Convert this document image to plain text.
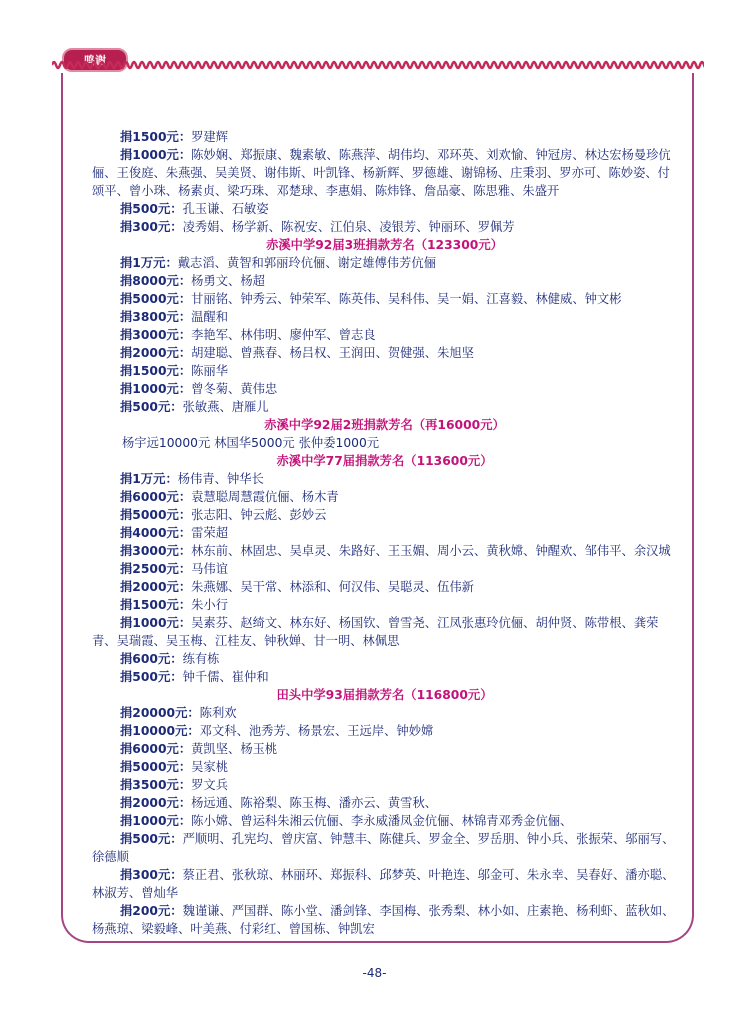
鸣谢

捐1500元：罗建辉

捐1000元：陈妙娴、郑振康、魏素敏、陈燕萍、胡伟均、邓环英、刘欢愉、钟冠房、林达宏杨曼珍伉俪、王俊庭、朱燕强、吴美贤、谢伟斯、叶凯锋、杨新辉、罗德雄、谢锦杨、庄秉羽、罗亦可、陈妙姿、付颂平、曾小珠、杨素贞、梁巧珠、邓楚球、李惠娟、陈炜锋、詹品豪、陈思雅、朱盛开

捐500元：孔玉谦、石敏姿

捐300元：凌秀娟、杨学新、陈祝安、江伯泉、凌银芳、钟丽环、罗佩芳

赤溪中学92届3班捐款芳名（123300元）

捐1万元：戴志滔、黄智和郭丽玲伉俪、谢定雄傅伟芳伉俪

捐8000元：杨勇文、杨超

捐5000元：甘丽铭、钟秀云、钟荣军、陈英伟、吴科伟、吴一娟、江喜毅、林健威、钟文彬

捐3800元：温醒和

捐3000元：李艳军、林伟明、廖仲军、曾志良

捐2000元：胡建聪、曾燕春、杨吕权、王润田、贺健强、朱旭坚

捐1500元：陈丽华

捐1000元：曾冬菊、黄伟忠

捐500元：张敏燕、唐雁儿

赤溪中学92届2班捐款芳名（再16000元）

杨宇远10000元 林国华5000元 张仲委1000元

赤溪中学77届捐款芳名（113600元）

捐1万元：杨伟青、钟华长

捐6000元：袁慧聪周慧霞伉俪、杨木青

捐5000元：张志阳、钟云彪、彭妙云

捐4000元：雷荣超

捐3000元：林东前、林固忠、吴卓灵、朱路好、王玉媚、周小云、黄秋嫦、钟醒欢、邹伟平、余汉城

捐2500元：马伟谊

捐2000元：朱燕娜、吴干常、林添和、何汉伟、吴聪灵、伍伟新

捐1500元：朱小行

捐1000元：吴素芬、赵绮文、林东好、杨国钦、曾雪尧、江凤张惠玲伉俪、胡仲贤、陈带根、龚荣青、吴瑞霞、吴玉梅、江桂友、钟秋婵、甘一明、林佩思

捐600元：练有栋

捐500元：钟千儒、崔仲和

田头中学93届捐款芳名（116800元）

捐20000元：陈利欢

捐10000元：邓文科、池秀芳、杨景宏、王远岸、钟妙嫦

捐6000元：黄凯坚、杨玉桃

捐5000元：吴家桃

捐3500元：罗文兵

捐2000元：杨远通、陈裕梨、陈玉梅、潘亦云、黄雪秋、

捐1000元：陈小嫦、曾运科朱湘云伉俪、李永威潘凤金伉俪、林锦青邓秀金伉俪、

捐500元：严顺明、孔宪均、曾庆富、钟慧丰、陈健兵、罗金全、罗岳朋、钟小兵、张振荣、邬丽写、徐德顺

捐300元：蔡正君、张秋琼、林丽环、郑振科、邱梦英、叶艳连、邬金可、朱永幸、吴春好、潘亦聪、林淑芳、曾灿华

捐200元：魏谨谦、严国群、陈小堂、潘剑锋、李国梅、张秀梨、林小如、庄素艳、杨利虾、蓝秋如、杨燕琼、梁毅峰、叶美燕、付彩红、曾国栋、钟凯宏

-48-
